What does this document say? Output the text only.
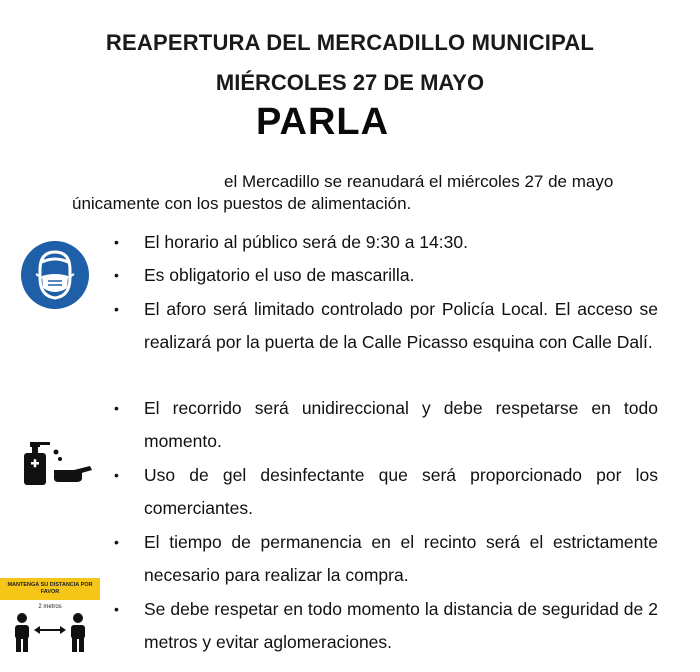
REAPERTURA DEL MERCADILLO MUNICIPAL
MIÉRCOLES 27 DE MAYO
PARLA
el Mercadillo se reanudará el miércoles 27 de mayo
únicamente con los puestos de alimentación.
MANTENGA SU DISTANCIA POR FAVOR
2 metros
•	El horario al público será de 9:30 a 14:30.
•	Es obligatorio el uso de mascarilla.
•	El aforo será limitado controlado por Policía Local. El acceso se realizará por la puerta de la Calle Picasso esquina con Calle Dalí.
•	El recorrido será unidireccional y debe respetarse en todo momento.
•	Uso de gel desinfectante que será proporcionado por los comerciantes.
•	El tiempo de permanencia en el recinto será el estrictamente necesario para realizar la compra.
•	Se debe respetar en todo momento la distancia de seguridad de 2 metros y evitar aglomeraciones.
